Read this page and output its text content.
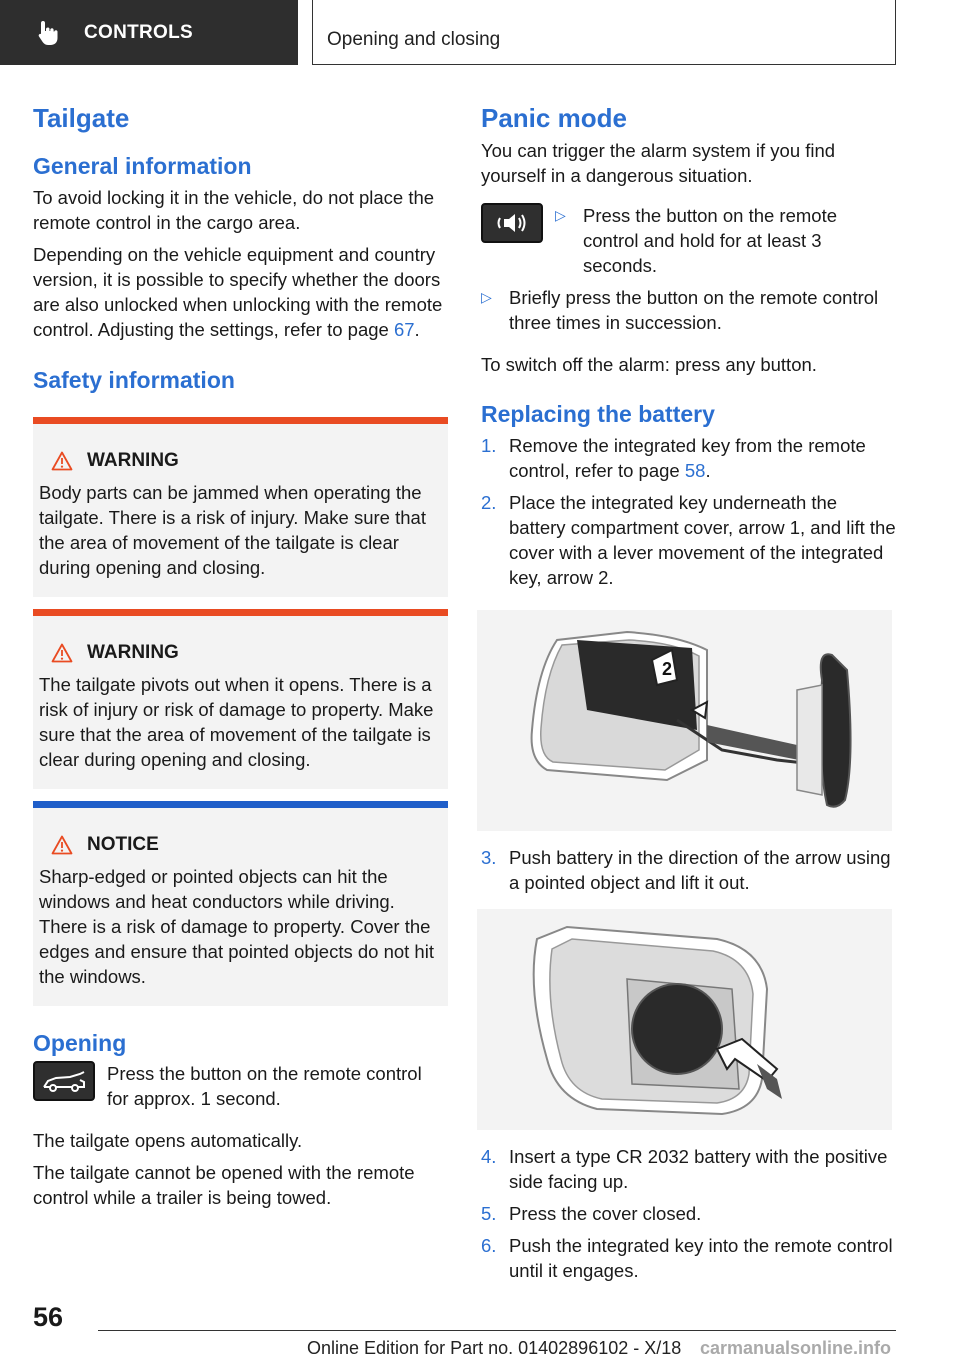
CONTROLS	Opening and closing
Tailgate
General information

To avoid locking it in the vehicle, do not place the remote control in the cargo area.

Depending on the vehicle equipment and country version, it is possible to specify whether the doors are also unlocked when unlocking with the remote control. Adjusting the settings, refer to page 67.

Safety information
WARNING

Body parts can be jammed when operating the tailgate. There is a risk of injury. Make sure that the area of movement of the tailgate is clear during opening and closing.

WARNING

The tailgate pivots out when it opens. There is a risk of injury or risk of damage to property. Make sure that the area of movement of the tailgate is clear during opening and closing.

NOTICE

Sharp-edged or pointed objects can hit the windows and heat conductors while driving. There is a risk of damage to property. Cover the edges and ensure that pointed objects do not hit the windows.

Opening

Press the button on the remote control for approx. 1 second.

The tailgate opens automatically.

The tailgate cannot be opened with the remote control while a trailer is being towed.

Panic mode

You can trigger the alarm system if you find yourself in a dangerous situation.

▷ Press the button on the remote control and hold for at least 3 seconds.
▷ Briefly press the button on the remote control three times in succession.

To switch off the alarm: press any button.

Replacing the battery
1. Remove the integrated key from the remote control, refer to page 58.
2. Place the integrated key underneath the battery compartment cover, arrow 1, and lift the cover with a lever movement of the integrated key, arrow 2.
2
3. Push battery in the direction of the arrow using a pointed object and lift it out.
4. Insert a type CR 2032 battery with the positive side facing up.
5. Press the cover closed.
6. Push the integrated key into the remote control until it engages.
56
Online Edition for Part no. 01402896102 - X/18 carmanualsonline.info
